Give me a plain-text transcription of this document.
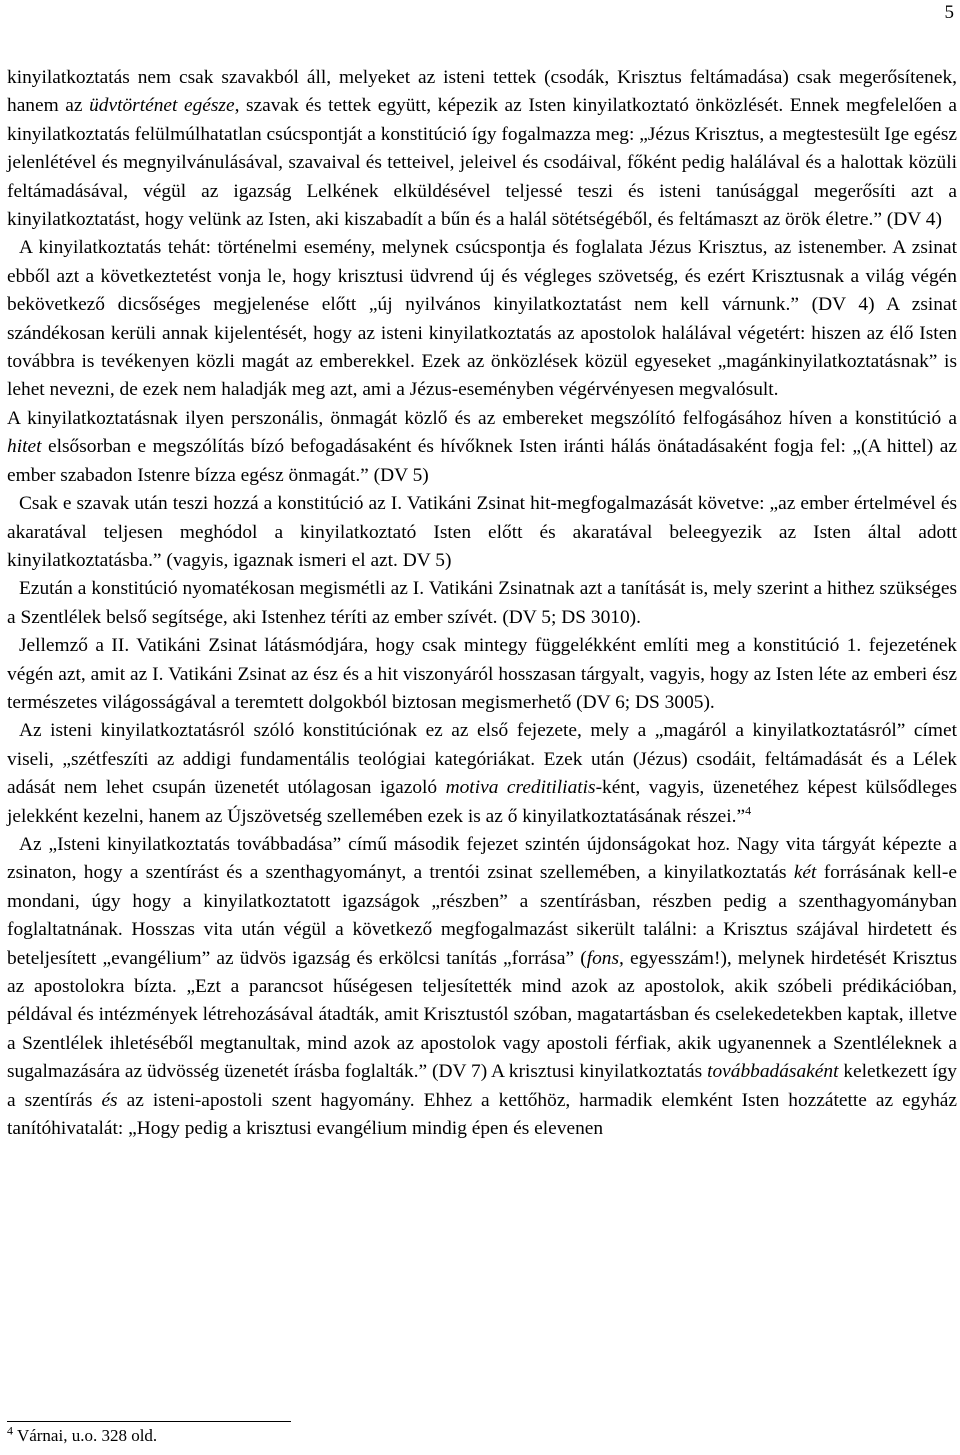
5

kinyilatkoztatás nem csak szavakból áll, melyeket az isteni tettek (csodák, Krisztus feltámadása) csak megerősítenek, hanem az üdvtörténet egésze, szavak és tettek együtt, képezik az Isten kinyilatkoztató önközlését. Ennek megfelelően a kinyilatkoztatás felülmúlhatatlan csúcspontját a konstitúció így fogalmazza meg: „Jézus Krisztus, a megtestesült Ige egész jelenlétével és megnyilvánulásával, szavaival és tetteivel, jeleivel és csodáival, főként pedig halálával és a halottak közüli feltámadásával, végül az igazság Lelkének elküldésével teljessé teszi és isteni tanúsággal megerősíti azt a kinyilatkoztatást, hogy velünk az Isten, aki kiszabadít a bűn és a halál sötétségéből, és feltámaszt az örök életre.” (DV 4)

A kinyilatkoztatás tehát: történelmi esemény, melynek csúcspontja és foglalata Jézus Krisztus, az istenember. A zsinat ebből azt a következtetést vonja le, hogy krisztusi üdvrend új és végleges szövetség, és ezért Krisztusnak a világ végén bekövetkező dicsőséges megjelenése előtt „új nyilvános kinyilatkoztatást nem kell várnunk.” (DV 4) A zsinat szándékosan kerüli annak kijelentését, hogy az isteni kinyilatkoztatás az apostolok halálával végetért: hiszen az élő Isten továbbra is tevékenyen közli magát az emberekkel. Ezek az önközlések közül egyeseket „magánkinyilatkoztatásnak” is lehet nevezni, de ezek nem haladják meg azt, ami a Jézus-eseményben végérvényesen megvalósult.

A kinyilatkoztatásnak ilyen perszonális, önmagát közlő és az embereket megszólító felfogásához híven a konstitúció a hitet elsősorban e megszólítás bízó befogadásaként és hívőknek Isten iránti hálás önátadásaként fogja fel: „(A hittel) az ember szabadon Istenre bízza egész önmagát.” (DV 5)

Csak e szavak után teszi hozzá a konstitúció az I. Vatikáni Zsinat hit-megfogalmazását követve: „az ember értelmével és akaratával teljesen meghódol a kinyilatkoztató Isten előtt és akaratával beleegyezik az Isten által adott kinyilatkoztatásba.” (vagyis, igaznak ismeri el azt. DV 5)

Ezután a konstitúció nyomatékosan megismétli az I. Vatikáni Zsinatnak azt a tanítását is, mely szerint a hithez szükséges a Szentlélek belső segítsége, aki Istenhez téríti az ember szívét. (DV 5; DS 3010).

Jellemző a II. Vatikáni Zsinat látásmódjára, hogy csak mintegy függelékként említi meg a konstitúció 1. fejezetének végén azt, amit az I. Vatikáni Zsinat az ész és a hit viszonyáról hosszasan tárgyalt, vagyis, hogy az Isten léte az emberi ész természetes világosságával a teremtett dolgokból biztosan megismerhető (DV 6; DS 3005).

Az isteni kinyilatkoztatásról szóló konstitúciónak ez az első fejezete, mely a „magáról a kinyilatkoztatásról” címet viseli, „szétfeszíti az addigi fundamentális teológiai kategóriákat. Ezek után (Jézus) csodáit, feltámadását és a Lélek adását nem lehet csupán üzenetét utólagosan igazoló motiva creditiliatis-ként, vagyis, üzenetéhez képest külsődleges jelekként kezelni, hanem az Újszövetség szellemében ezek is az ő kinyilatkoztatásának részei.”$^4$

Az „Isteni kinyilatkoztatás továbbadása” című második fejezet szintén újdonságokat hoz. Nagy vita tárgyát képezte a zsinaton, hogy a szentírást és a szenthagyományt, a trentói zsinat szellemében, a kinyilatkoztatás két forrásának kell-e mondani, úgy hogy a kinyilatkoztatott igazságok „részben” a szentírásban, részben pedig a szenthagyományban foglaltatnának. Hosszas vita után végül a következő megfogalmazást sikerült találni: a Krisztus szájával hirdetett és beteljesített „evangélium” az üdvös igazság és erkölcsi tanítás „forrása” (fons, egyesszám!), melynek hirdetését Krisztus az apostolokra bízta. „Ezt a parancsot hűségesen teljesítették mind azok az apostolok, akik szóbeli prédikációban, példával és intézmények létrehozásával átadták, amit Krisztustól szóban, magatartásban és cselekedetekben kaptak, illetve a Szentlélek ihletéséből megtanultak, mind azok az apostolok vagy apostoli férfiak, akik ugyanennek a Szentléleknek a sugalmazására az üdvösség üzenetét írásba foglalták.” (DV 7) A krisztusi kinyilatkoztatás továbbadásaként keletkezett így a szentírás és az isteni-apostoli szent hagyomány. Ehhez a kettőhöz, harmadik elemként Isten hozzátette az egyház tanítóhivatalát: „Hogy pedig a krisztusi evangélium mindig épen és elevenen

$^4$ Várnai, u.o. 328 old.
